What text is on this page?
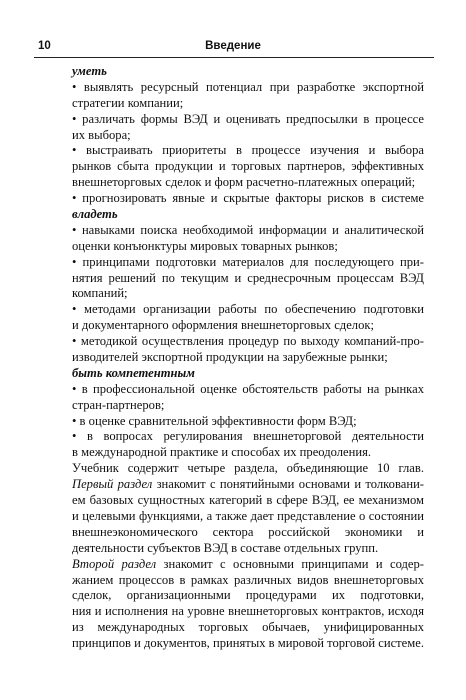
10	Введение
уметь
• выявлять ресурсный потенциал при разработке экспортной
стратегии компании;
• различать формы ВЭД и оценивать предпосылки в процессе
их выбора;
• выстраивать приоритеты в процессе изучения и выбора
рынков сбыта продукции и торговых партнеров, эффективных
внешнеторговых сделок и форм расчетно-платежных операций;
• прогнозировать явные и скрытые факторы рисков в системе
владеть
• навыками поиска необходимой информации и аналитической
оценки конъюнктуры мировых товарных рынков;
• принципами подготовки материалов для последующего при-
нятия решений по текущим и среднесрочным процессам ВЭД
компаний;
• методами организации работы по обеспечению подготовки
и документарного оформления внешнеторговых сделок;
• методикой осуществления процедур по выходу компаний-про-
изводителей экспортной продукции на зарубежные рынки;
быть компетентным
• в профессиональной оценке обстоятельств работы на рынках
стран-партнеров;
• в оценке сравнительной эффективности форм ВЭД;
• в вопросах регулирования внешнеторговой деятельности
в международной практике и способах их преодоления.
Учебник содержит четыре раздела, объединяющие 10 глав.
Первый раздел знакомит с понятийными основами и толковани-
ем базовых сущностных категорий в сфере ВЭД, ее механизмом
и целевыми функциями, а также дает представление о состоянии
внешнеэкономического сектора российской экономики и
деятельности субъектов ВЭД в составе отдельных групп.
Второй раздел знакомит с основными принципами и содер-
жанием процессов в рамках различных видов внешнеторговых
сделок, организационными процедурами их подготовки,
ния и исполнения на уровне внешнеторговых контрактов, исходя
из международных торговых обычаев, унифицированных
принципов и документов, принятых в мировой торговой системе.
